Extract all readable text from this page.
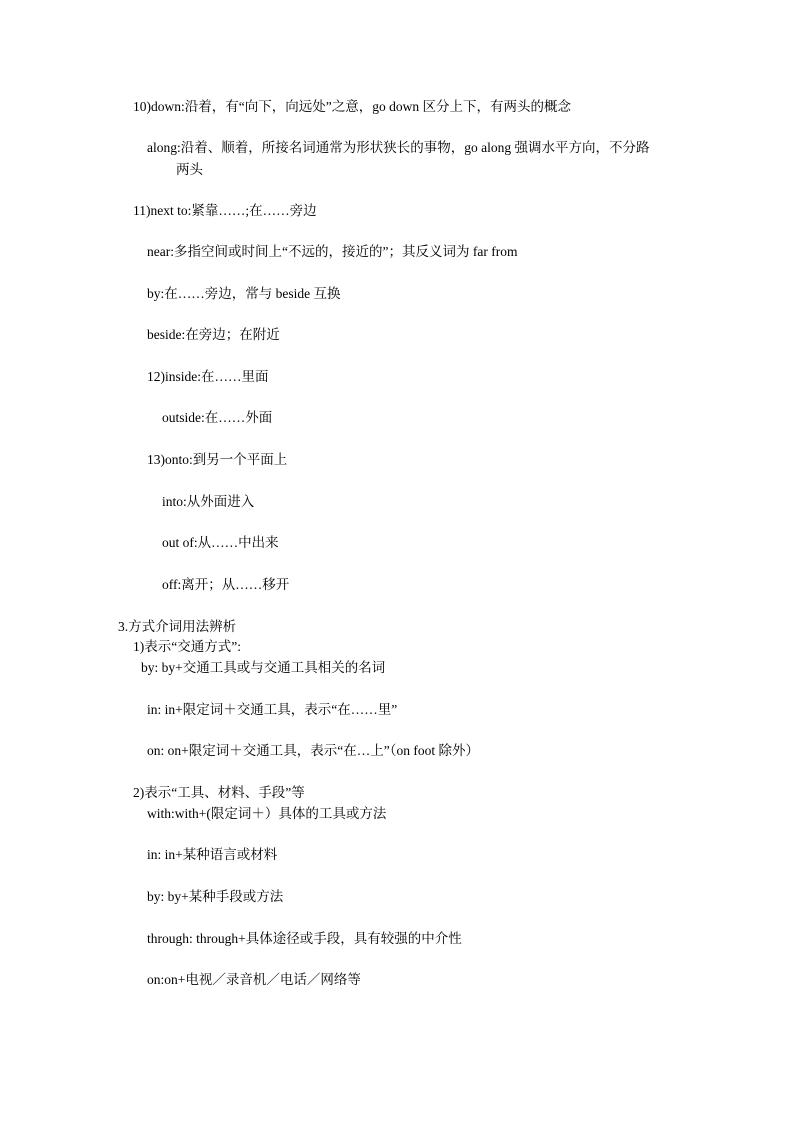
10)down:沿着，有“向下，向远处”之意，go down 区分上下，有两头的概念
along:沿着、顺着，所接名词通常为形状狭长的事物，go along 强调水平方向，不分路
两头
11)next to:紧靠……;在……旁边
near:多指空间或时间上“不远的，接近的”；其反义词为 far from
by:在……旁边，常与 beside 互换
beside:在旁边；在附近
12)inside:在……里面
outside:在……外面
13)onto:到另一个平面上
into:从外面进入
out of:从……中出来
off:离开；从……移开
3.方式介词用法辨析
1)表示“交通方式”:
by: by+交通工具或与交通工具相关的名词
in: in+限定词＋交通工具，表示“在……里”
on: on+限定词＋交通工具，表示“在…上”（on foot 除外）
2)表示“工具、材料、手段”等
with:with+(限定词＋）具体的工具或方法
in: in+某种语言或材料
by: by+某种手段或方法
through: through+具体途径或手段，具有较强的中介性
on:on+电视／录音机／电话／网络等
